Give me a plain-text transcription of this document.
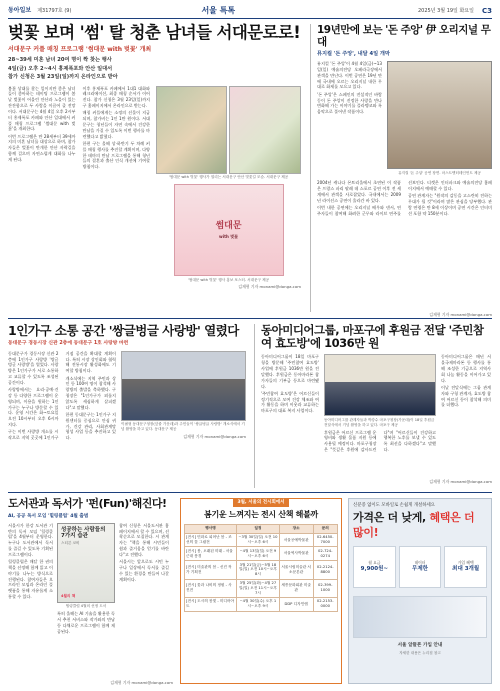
동아일보 제31797호 (9)	서울 특톡	2025년 3월 19일 화요일 C3
벚꽃 보며 '썸' 탈 청춘 남녀들 서대문로로!
서대문구 커플 매칭 프로그램 '썸대문 with 벚꽃' 개최

28~39세 미혼 남녀 20여 명이 짝 찾는 행사

4일(금) 오후 2~4시 홍제폭포와 안산 일대서

참가 신청은 3월 23일(일)까지 온라인으로 받아

봄꽃 상대를 찾는 일이지만 좋은 남녀들이 좋아하는 데이팅 프로그램이 봄날 벚꽃이 어울린 안산과 노을이 있는 잔잔함으로 두 사람을 이끌어 줄 전망이다. 서대문구는 4월 4일 오후 2시부터 홍제폭포 카페와 안산 일대에서 커플 매칭 프로그램 '썸대문 with 벚꽃'을 개최한다.

이번 프로그램은 만 28세부터 39세까지의 미혼 남녀를 대상으로 하며, 참가자들은 벚꽃이 만개한 안산 자락길을 함께 걸으며 자연스럽게 대화를 나누게 된다.

이후 홍제폭포 카페에서 1대1 대화와 레크리에이션, 최종 매칭 순서가 이어진다. 참가 신청은 3월 23일(일)까지 구 홈페이지에서 온라인으로 받는다.

매칭 커플에게는 소정의 선물이 지급되며, 참가비는 1인 1만 원이다. 서대문구는 청년들이 자연 속에서 건강한 만남을 가질 수 있도록 이번 행사를 마련했다고 밝혔다.

한편 구는 올해 상·하반기 두 차례 커플 매칭 행사를 추진할 계획이며, 다양한 테마의 만남 프로그램을 통해 청년들의 결혼과 출산 인식 개선에 기여할 방침이다.

'썸대문 with 벚꽃' 행사가 열리는 서대문구 안산 벚꽃길 모습. 서대문구 제공
썸대문
with 벚꽃
'썸대문 with 벚꽃' 행사 홍보 포스터. 서대문구 제공
김재형 기자 monami@donga.com
19년만에 보는 '돈 주앙' 伊 오리지널 무대
뮤지컬 '돈 주앙', 내달 4일 개막

뮤지컬 '돈 주앙'이 4월 4일(금)~13일(일) 예술의전당 오페라극장에서 관객을 만난다. 이번 공연은 19년 만에 국내에 오르는 오리지널 내한 무대로 화제를 모으고 있다.

'돈 주앙'은 스페인의 전설적인 바람둥이 돈 주앙이 진정한 사랑을 만나 변화해 가는 이야기를 플라멩코와 록 음악으로 풀어낸 작품이다.

뮤지컬 '돈 주앙' 공연 장면. 마스트엔터테인먼트 제공

2004년 캐나다 몬트리올에서 초연된 이 작품은 프랑스 파리 팔레 데 스포르 공연 이후 전 세계에서 관객을 사로잡았다. 국내에서는 2009년 라이선스 공연이 올라간 바 있다.

이번 내한 공연에는 오리지널 배우와 댄서, 연주자들이 참여해 화려한 군무와 라이브 연주를 선보인다. 티켓은 인터파크와 예술의전당 홈페이지에서 예매할 수 있다.

공연 관계자는 "원작의 감동을 고스란히 전하는 무대가 될 것"이라며 많은 관심을 당부했다. 관람 연령은 만 8세 이상이며 공연 시간은 인터미션 포함 약 150분이다.

김재형 기자 monami@donga.com
1인가구 소통 공간 '쌍글벙글 사랑방' 열렸다
동대문구 경동시장 신관 2층에 동대문구 1호 사랑방 마련

동대문구가 경동시장 신관 2층에 1인가구 사랑방 '쌍글벙글 사랑방'을 열었다. 사랑방은 1인가구가 서로 소통하고 교류할 수 있도록 조성된 공간이다.

사랑방에서는 요리·공예·건강 등 다양한 프로그램이 운영되며, 이용을 원하는 1인가구는 누구나 방문할 수 있다. 운영 시간은 화~토요일 오전 10시부터 오후 6시까지다.

구는 이번 사랑방 개소를 시작으로 지역 곳곳에 1인가구 거점 공간을 확대할 계획이다. 특히 시장 상인회와 협력해 전통시장 활성화에도 기여할 방침이다.

개소식에는 지역 주민과 상인 등 100여 명이 참석해 사랑방의 출발을 축하했다. 구청장은 "1인가구가 외롭지 않도록 세심하게 살피겠다"고 말했다.

한편 동대문구는 1인가구 지원센터를 중심으로 안심 귀가, 건강 관리, 사회관계망 형성 사업 등을 추진하고 있다.

이필형 동대문구청장(앞줄 가운데)과 주민들이 '쌍글벙글 사랑방' 개소식에서 기념 촬영을 하고 있다. 동대문구 제공
김재형 기자 monami@donga.com
동아미디어그룹, 마포구에 후원금 전달 '주민참여 효도방'에 1036만 원

동아미디어그룹이 18일 마포구청을 방문해 '주민참여 효도방' 사업에 후원금 1036만 원을 전달했다. 후원금은 동아마라톤 참가자들의 기부금 등으로 마련됐다.

'주민참여 효도방'은 어르신들이 정기적으로 모여 건강 체조와 여가 활동을 하며 이웃과 교류하는 마포구의 대표 복지 사업이다.

동아미디어그룹 관계자들과 박강수 마포구청장(가운데)이 18일 후원금 전달식에서 기념 촬영을 하고 있다. 마포구 제공

후원금은 어르신 프로그램 운영비와 생활 물품 지원 등에 사용될 예정이다. 마포구청장은 "뜻깊은 후원에 감사드린다"며 "어르신들이 건강하고 행복한 노후를 보낼 수 있도록 최선을 다하겠다"고 말했다.

동아미디어그룹은 매년 서울국제마라톤 등 행사를 통해 조성한 기금으로 지역사회 나눔 활동을 이어가고 있다.

이날 전달식에는 그룹 관계자와 구청 관계자, 효도방 참여 어르신 등이 참석해 의미를 더했다.

김재형 기자 monami@donga.com
도서관과 독서가 '펀(Fun)'해진다!
AI, 공공 독서 모임 '힐링클럽' 4월 출범

서울시가 한강 도서관 기반의 독서 모임 '힐링클럽'을 4월부터 운영한다. 누구나 도서관에서 독서를 즐길 수 있도록 기획된 프로그램이다.

힐링클럽은 매달 한 권의 책을 선정해 함께 읽고 이야기를 나누는 방식으로 진행된다. 참여자들은 오프라인 모임과 온라인 플랫폼을 통해 자유롭게 소통할 수 있다.

성공하는 사람들의 7가지 습관
스티븐 코비
4월의 책
힐링클럽 4월의 선정 도서

특히 올해는 AI 기술을 활용한 독서 추천 서비스와 작가와의 만남 등 다채로운 프로그램이 함께 제공된다.

참여 신청은 서울도서관 홈페이지에서 할 수 있으며, 선착순으로 모집한다. 시 관계자는 "책을 통해 시민들이 쉼과 즐거움을 얻기를 바란다"고 전했다.

서울시는 앞으로도 시민 누구나 일상에서 독서를 즐길 수 있는 환경을 만들어 나갈 계획이다.

김재형 기자 monami@donga.com
3월, 서울의 전시회에서
봄기운 느껴지는 전시 산책 해볼까
행사명	일정	장소	문의
[전시] 민화로 피어난 봄 - 조선의 꽃 그림전	~3월 30일(일) 오전 10시~오후 6시	서울공예박물관	02-6450-7000
[전시] 봄, 오래된 미래 - 서울 근대 풍경	~4월 13일(일) 오전 9시~오후 6시	서울역사박물관	02-724-0274
[전시] 미술관의 봄 - 신진 작가 기획전	3월 21일(금)~5월 18일(일) 오전 10시~오후 8시	서울시립미술관 서소문본관	02-2124-8800
[전시] 꽃과 나비의 정원 - 사진전	3월 25일(화)~4월 27일(일) 오전 11시~오후 7시	세종문화회관 미술관	02-399-1000
[전시] 도시의 봄빛 - 미디어아트	~4월 30일(수) 오후 1시~오후 9시	DDP 디자인랩	02-2153-0000
신분증 없이도 모바일로 손쉽게 개설하세요
가격은 더 낮게, 혜택은 더 많이!
월 요금
9,900원~
데이터
무제한
가입 혜택
최대 3개월
서울 알뜰폰 가입 안내
자세한 내용은 누리집 참고
